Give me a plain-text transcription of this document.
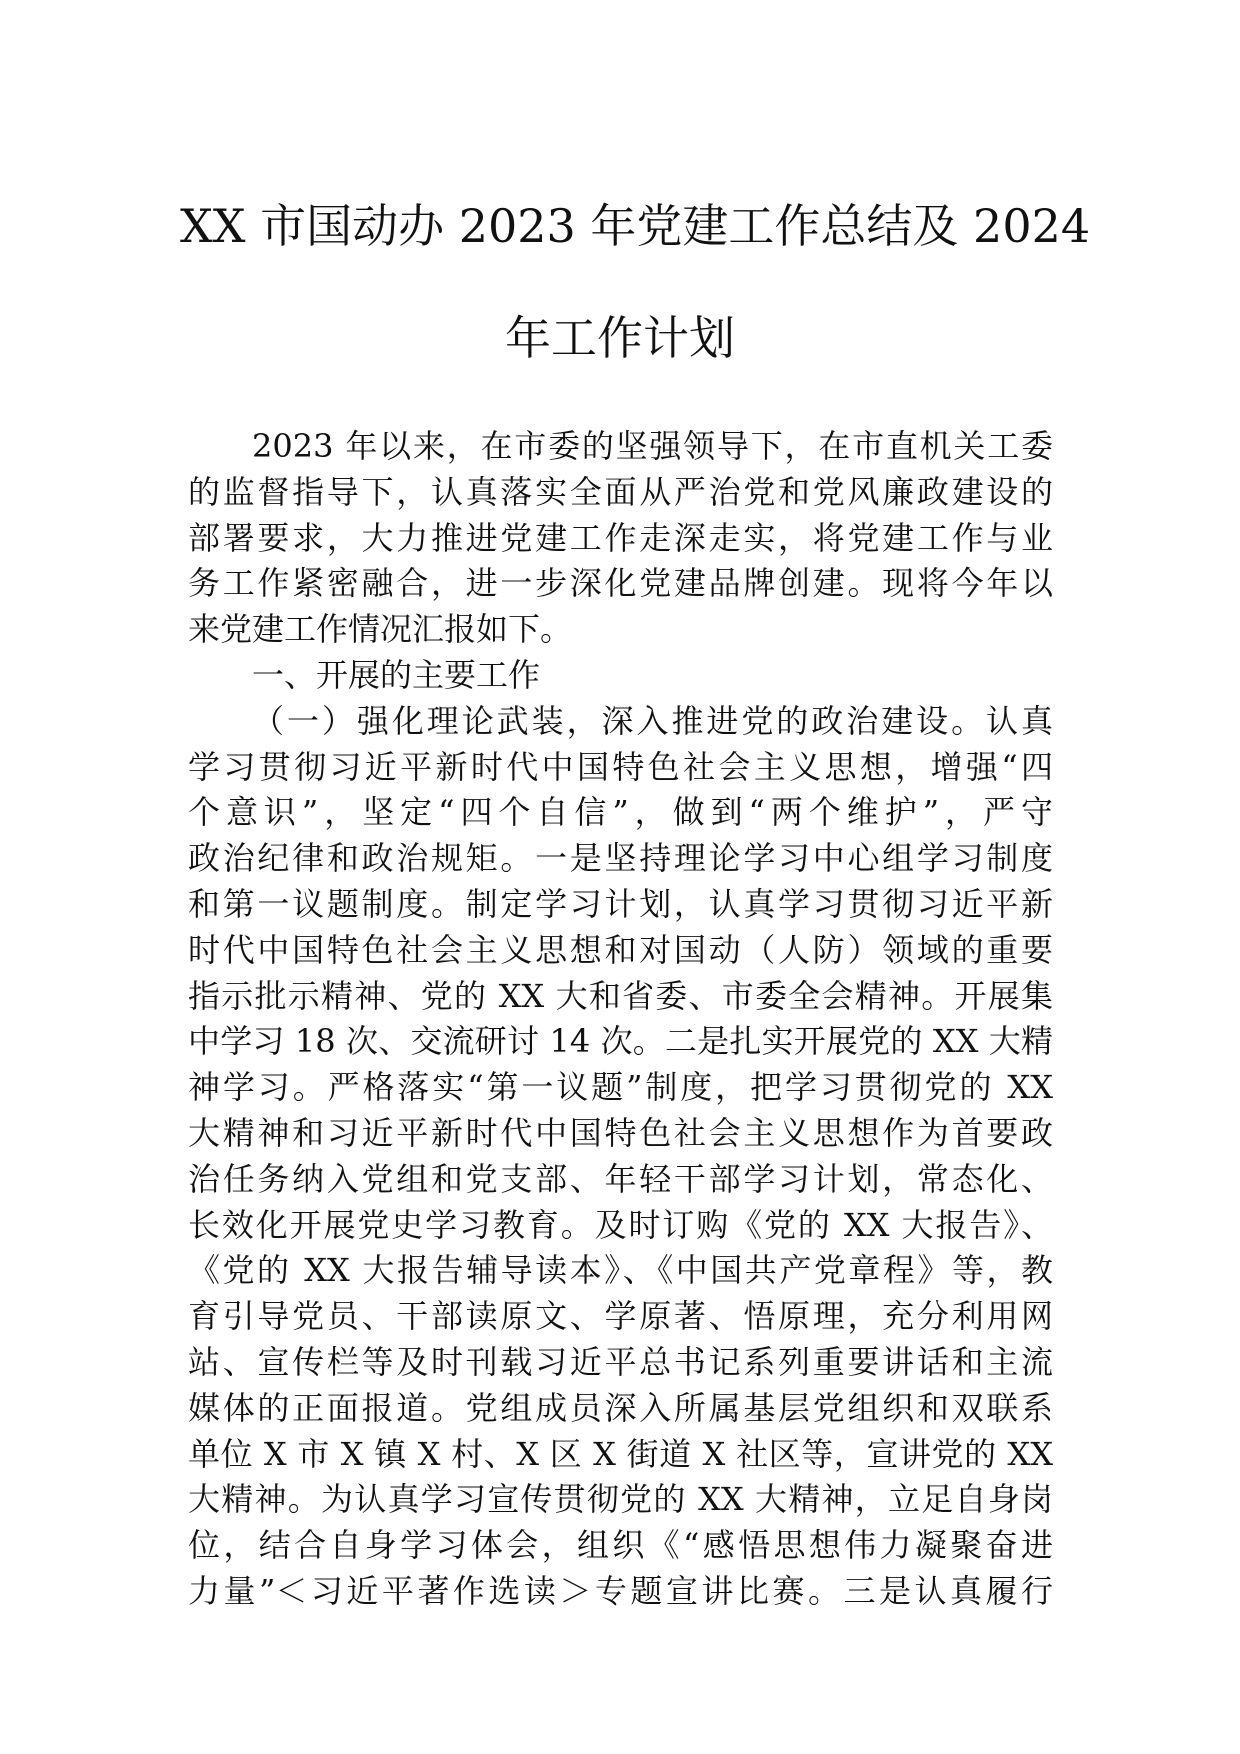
XX 市国动办 2023 年党建工作总结及 2024
年工作计划
2023 年以来，在市委的坚强领导下，在市直机关工委
的监督指导下，认真落实全面从严治党和党风廉政建设的
部署要求，大力推进党建工作走深走实，将党建工作与业
务工作紧密融合，进一步深化党建品牌创建。现将今年以
来党建工作情况汇报如下。
一、开展的主要工作
（一）强化理论武装，深入推进党的政治建设。认真
学习贯彻习近平新时代中国特色社会主义思想，增强“四
个意识”，坚定“四个自信”，做到“两个维护”，严守
政治纪律和政治规矩。一是坚持理论学习中心组学习制度
和第一议题制度。制定学习计划，认真学习贯彻习近平新
时代中国特色社会主义思想和对国动（人防）领域的重要
指示批示精神、党的 XX 大和省委、市委全会精神。开展集
中学习 18 次、交流研讨 14 次。二是扎实开展党的 XX 大精
神学习。严格落实“第一议题”制度，把学习贯彻党的 XX
大精神和习近平新时代中国特色社会主义思想作为首要政
治任务纳入党组和党支部、年轻干部学习计划，常态化、
长效化开展党史学习教育。及时订购《党的 XX 大报告》、
《党的 XX 大报告辅导读本》、《中国共产党章程》等，教
育引导党员、干部读原文、学原著、悟原理，充分利用网
站、宣传栏等及时刊载习近平总书记系列重要讲话和主流
媒体的正面报道。党组成员深入所属基层党组织和双联系
单位 X 市 X 镇 X 村、X 区 X 街道 X 社区等，宣讲党的 XX
大精神。为认真学习宣传贯彻党的 XX 大精神，立足自身岗
位，结合自身学习体会，组织《“感悟思想伟力凝聚奋进
力量”＜习近平著作选读＞专题宣讲比赛。三是认真履行
